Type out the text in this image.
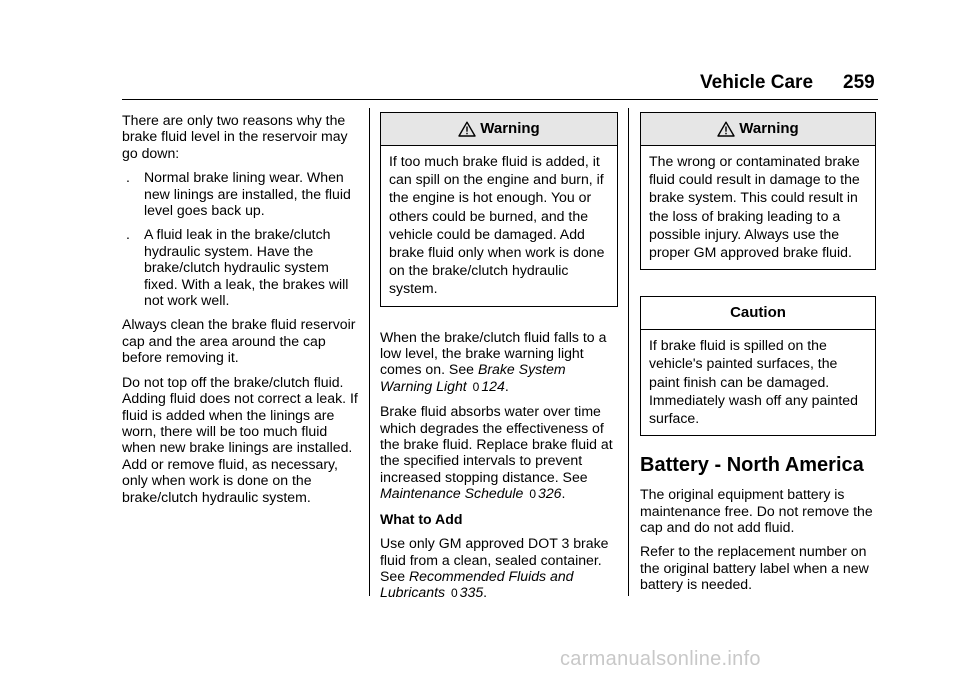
Vehicle Care 259

There are only two reasons why the brake fluid level in the reservoir may go down:

. Normal brake lining wear. When new linings are installed, the fluid level goes back up.
. A fluid leak in the brake/clutch hydraulic system. Have the brake/clutch hydraulic system fixed. With a leak, the brakes will not work well.

Always clean the brake fluid reservoir cap and the area around the cap before removing it.

Do not top off the brake/clutch fluid. Adding fluid does not correct a leak. If fluid is added when the linings are worn, there will be too much fluid when new brake linings are installed. Add or remove fluid, as necessary, only when work is done on the brake/clutch hydraulic system.

Warning
If too much brake fluid is added, it can spill on the engine and burn, if the engine is hot enough. You or others could be burned, and the vehicle could be damaged. Add brake fluid only when work is done on the brake/clutch hydraulic system.

When the brake/clutch fluid falls to a low level, the brake warning light comes on. See Brake System Warning Light 0 124.

Brake fluid absorbs water over time which degrades the effectiveness of the brake fluid. Replace brake fluid at the specified intervals to prevent increased stopping distance. See Maintenance Schedule 0 326.

What to Add

Use only GM approved DOT 3 brake fluid from a clean, sealed container. See Recommended Fluids and Lubricants 0 335.

Warning
The wrong or contaminated brake fluid could result in damage to the brake system. This could result in the loss of braking leading to a possible injury. Always use the proper GM approved brake fluid.
Caution
If brake fluid is spilled on the vehicle's painted surfaces, the paint finish can be damaged. Immediately wash off any painted surface.
Battery - North America

The original equipment battery is maintenance free. Do not remove the cap and do not add fluid.

Refer to the replacement number on the original battery label when a new battery is needed.

carmanualsonline.info
